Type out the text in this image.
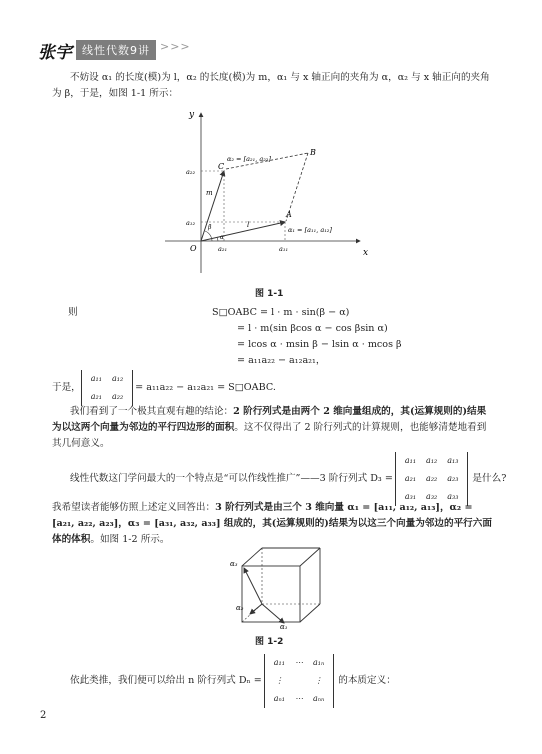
张宇 线性代数9讲 >>>
不妨设 α₁ 的长度(模)为 l，α₂ 的长度(模)为 m，α₁ 与 x 轴正向的夹角为 α，α₂ 与 x 轴正向的夹角为 β，于是，如图 1-1 所示：
x
y
O
A
B
C
α₁ = [a₁₁, a₁₂]
α₂ = [a₂₁, a₂₂]
l
m
α
β
a₁₁
a₂₁
a₁₂
a₂₂
图 1-1
则	S□OABC = l · m · sin(β − α)
= l · m(sin βcos α − cos βsin α)
= lcos α · msin β − lsin α · mcos β
= a₁₁a₂₂ − a₁₂a₂₁，
于是，
a₁₁	a₁₂
a₂₁	a₂₂
= a₁₁a₂₂ − a₁₂a₂₁ = S□OABC.
我们看到了一个极其直观有趣的结论：2 阶行列式是由两个 2 维向量组成的，其(运算规则的)结果为以这两个向量为邻边的平行四边形的面积。这不仅得出了 2 阶行列式的计算规则，也能够清楚地看到其几何意义。
线性代数这门学问最大的一个特点是“可以作线性推广”——3 阶行列式 D₃ =
a₁₁	a₁₂	a₁₃
a₂₁	a₂₂	a₂₃
a₃₁	a₃₂	a₃₃
是什么?
我希望读者能够仿照上述定义回答出：3 阶行列式是由三个 3 维向量 α₁ = [a₁₁, a₁₂, a₁₃]，α₂ = [a₂₁, a₂₂, a₂₃]，α₃ = [a₃₁, a₃₂, a₃₃] 组成的，其(运算规则的)结果为以这三个向量为邻边的平行六面体的体积。如图 1-2 所示。
α₁
α₂
α₃
图 1-2
依此类推，我们便可以给出 n 阶行列式 Dₙ =
a₁₁	⋯	a₁ₙ
⋮		⋮
aₙ₁	⋯	aₙₙ
的本质定义：
2
